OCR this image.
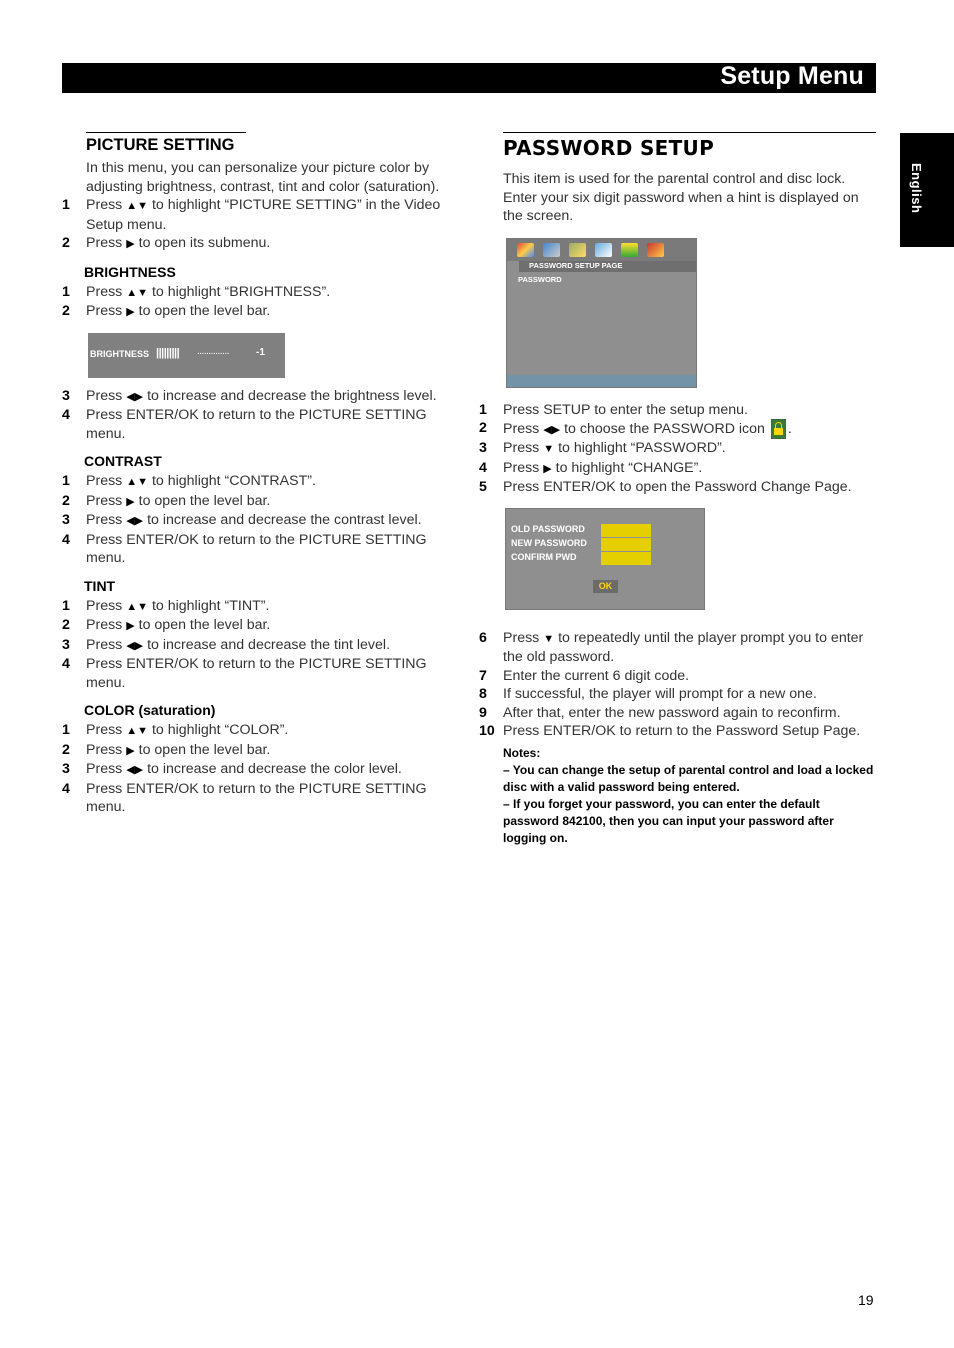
Setup Menu
English
PICTURE SETTING
In this menu, you can personalize your picture color by adjusting brightness, contrast, tint and color (saturation).
1	Press ▲▼ to highlight “PICTURE SETTING” in the Video Setup menu.
2	Press ▶ to open its submenu.
BRIGHTNESS
1	Press ▲▼ to highlight “BRIGHTNESS”.
2	Press ▶ to open the level bar.
BRIGHTNESS ||||||||| ..............	-1
3	Press ◀▶ to increase and decrease the brightness level.
4	Press ENTER/OK to return to the PICTURE SETTING menu.
CONTRAST
1	Press ▲▼ to highlight “CONTRAST”.
2	Press ▶ to open the level bar.
3	Press ◀▶ to increase and decrease the contrast level.
4	Press ENTER/OK to return to the PICTURE SETTING menu.
TINT
1	Press ▲▼ to highlight “TINT”.
2	Press ▶ to open the level bar.
3	Press ◀▶ to increase and decrease the tint level.
4	Press ENTER/OK to return to the PICTURE SETTING menu.
COLOR (saturation)
1	Press ▲▼ to highlight “COLOR”.
2	Press ▶ to open the level bar.
3	Press ◀▶ to increase and decrease the color level.
4	Press ENTER/OK to return to the PICTURE SETTING menu.
PASSWORD SETUP
This item is used for the parental control and disc lock. Enter your six digit password when a hint is displayed on the screen.
PASSWORD SETUP PAGE
PASSWORD
1	Press SETUP to enter the setup menu.
2	Press ◀▶ to choose the PASSWORD icon .
3	Press ▼ to highlight “PASSWORD”.
4	Press ▶ to highlight “CHANGE”.
5	Press ENTER/OK to open the Password Change Page.
OLD PASSWORD
NEW PASSWORD
CONFIRM PWD
OK
6	Press ▼ to repeatedly until the player prompt you to enter the old password.
7	Enter the current 6 digit code.
8	If successful, the player will prompt for a new one.
9	After that, enter the new password again to reconfirm.
10 Press ENTER/OK to return to the Password Setup Page.
Notes:
– You can change the setup of parental control and load a locked disc with a valid password being entered.
– If you forget your password, you can enter the default password 842100, then you can input your password after logging on.
19
